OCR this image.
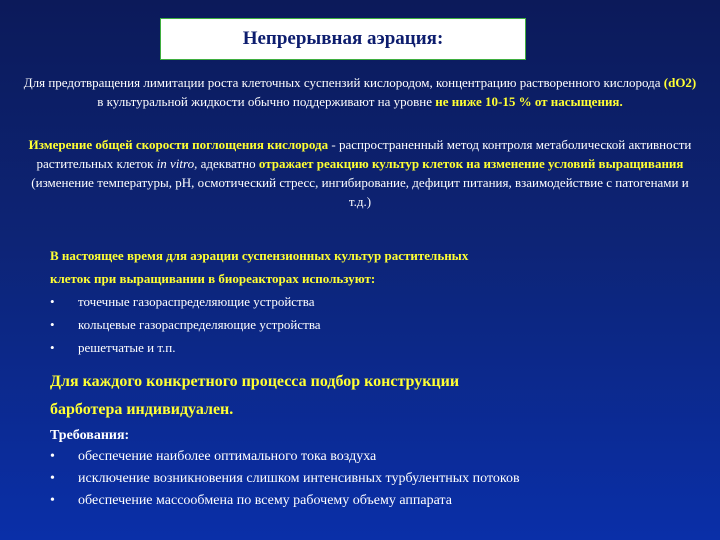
Непрерывная аэрация:
Для предотвращения лимитации роста клеточных суспензий кислородом, концентрацию растворенного кислорода (dO2) в культуральной жидкости обычно поддерживают на уровне не ниже 10-15 % от насыщения.
Измерение общей скорости поглощения кислорода - распространенный метод контроля метаболической активности растительных клеток in vitro, адекватно отражает реакцию культур клеток на изменение условий выращивания (изменение температуры, рН, осмотический стресс, ингибирование, дефицит питания, взаимодействие с патогенами и т.д.)
В настоящее время для аэрации суспензионных культур растительных
клеток при выращивании в биореакторах используют:
•	точечные газораспределяющие устройства
•	кольцевые газораспределяющие устройства
•	решетчатые и т.п.
Для каждого конкретного процесса подбор конструкции
барботера индивидуален.
Требования:
•	обеспечение наиболее оптимального тока воздуха
•	исключение возникновения слишком интенсивных турбулентных потоков
•	обеспечение массообмена по всему рабочему объему аппарата
